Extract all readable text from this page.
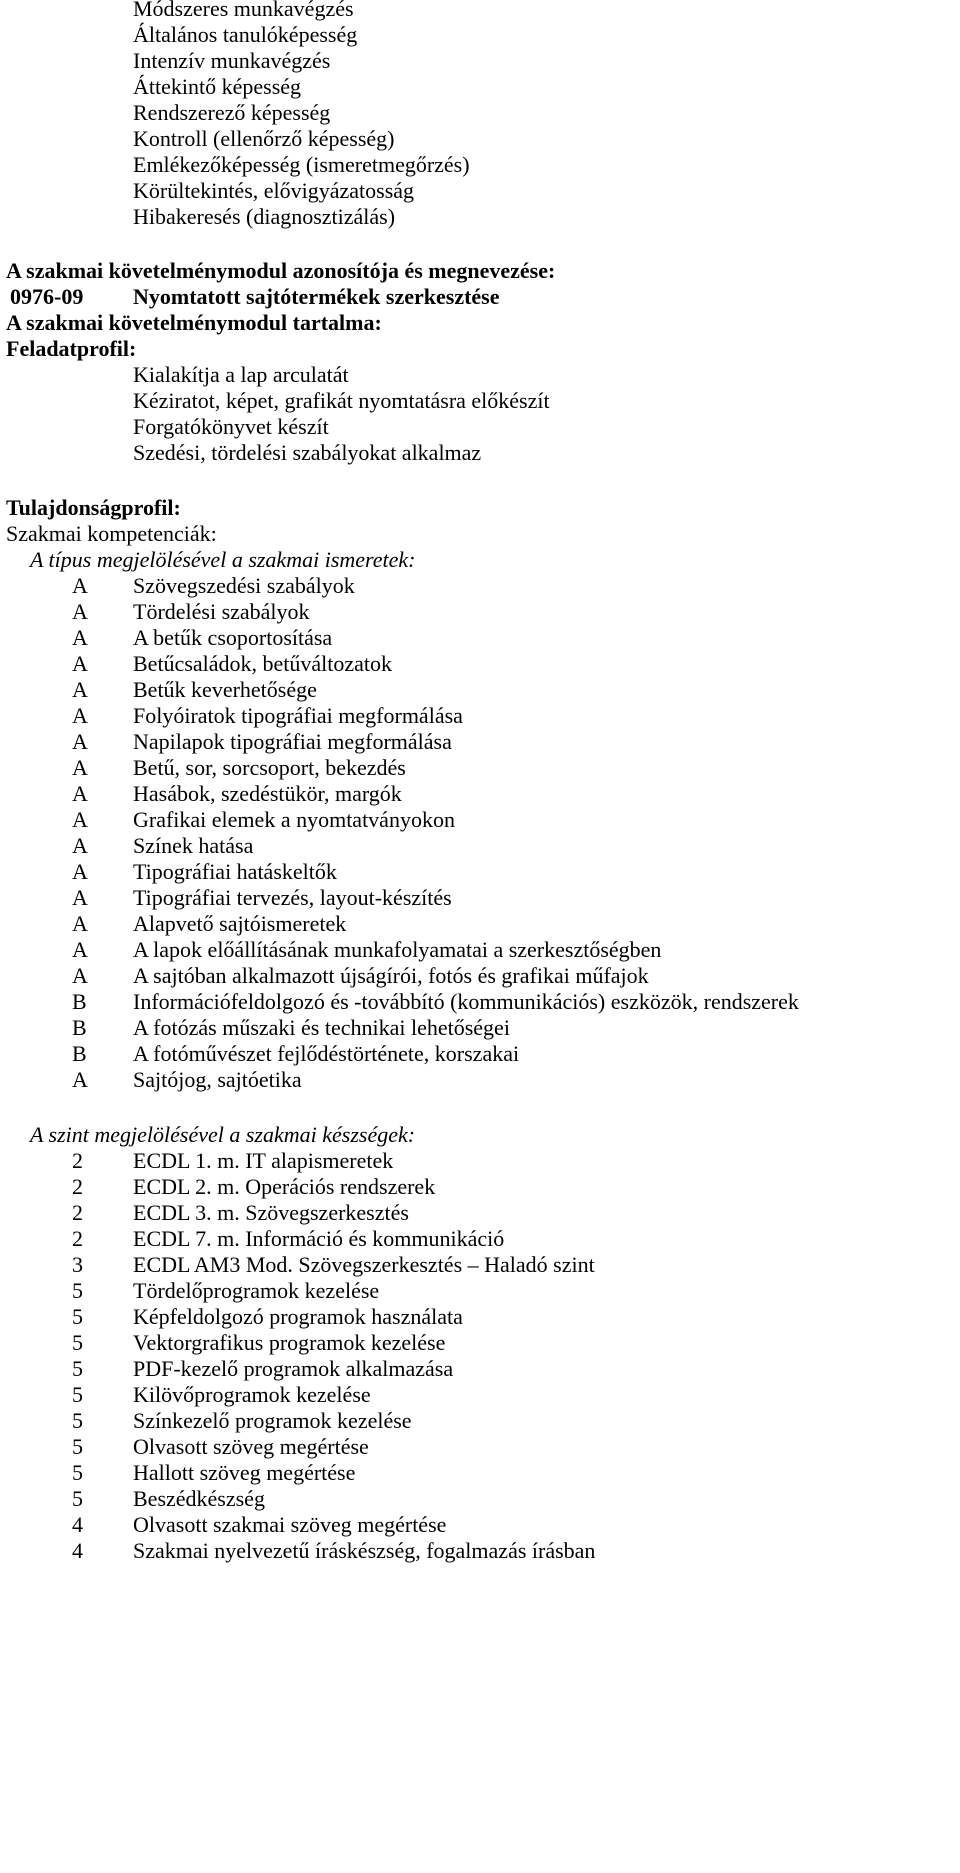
Módszeres munkavégzés
Általános tanulóképesség
Intenzív munkavégzés
Áttekintő képesség
Rendszerező képesség
Kontroll (ellenőrző képesség)
Emlékezőképesség (ismeretmegőrzés)
Körültekintés, elővigyázatosság
Hibakeresés (diagnosztizálás)
A szakmai követelménymodul azonosítója és megnevezése:
0976-09 Nyomtatott sajtótermékek szerkesztése
A szakmai követelménymodul tartalma:
Feladatprofil:
Kialakítja a lap arculatát
Kéziratot, képet, grafikát nyomtatásra előkészít
Forgatókönyvet készít
Szedési, tördelési szabályokat alkalmaz
Tulajdonságprofil:
Szakmai kompetenciák:
A típus megjelölésével a szakmai ismeretek:
A Szövegszedési szabályok
A Tördelési szabályok
A A betűk csoportosítása
A Betűcsaládok, betűváltozatok
A Betűk keverhetősége
A Folyóiratok tipográfiai megformálása
A Napilapok tipográfiai megformálása
A Betű, sor, sorcsoport, bekezdés
A Hasábok, szedéstükör, margók
A Grafikai elemek a nyomtatványokon
A Színek hatása
A Tipográfiai hatáskeltők
A Tipográfiai tervezés, layout-készítés
A Alapvető sajtóismeretek
A A lapok előállításának munkafolyamatai a szerkesztőségben
A A sajtóban alkalmazott újságírói, fotós és grafikai műfajok
B Információfeldolgozó és -továbbító (kommunikációs) eszközök, rendszerek
B A fotózás műszaki és technikai lehetőségei
B A fotóművészet fejlődéstörténete, korszakai
A Sajtójog, sajtóetika
A szint megjelölésével a szakmai készségek:
2 ECDL 1. m. IT alapismeretek
2 ECDL 2. m. Operációs rendszerek
2 ECDL 3. m. Szövegszerkesztés
2 ECDL 7. m. Információ és kommunikáció
3 ECDL AM3 Mod. Szövegszerkesztés – Haladó szint
5 Tördelőprogramok kezelése
5 Képfeldolgozó programok használata
5 Vektorgrafikus programok kezelése
5 PDF-kezelő programok alkalmazása
5 Kilövőprogramok kezelése
5 Színkezelő programok kezelése
5 Olvasott szöveg megértése
5 Hallott szöveg megértése
5 Beszédkészség
4 Olvasott szakmai szöveg megértése
4 Szakmai nyelvezetű íráskészség, fogalmazás írásban
